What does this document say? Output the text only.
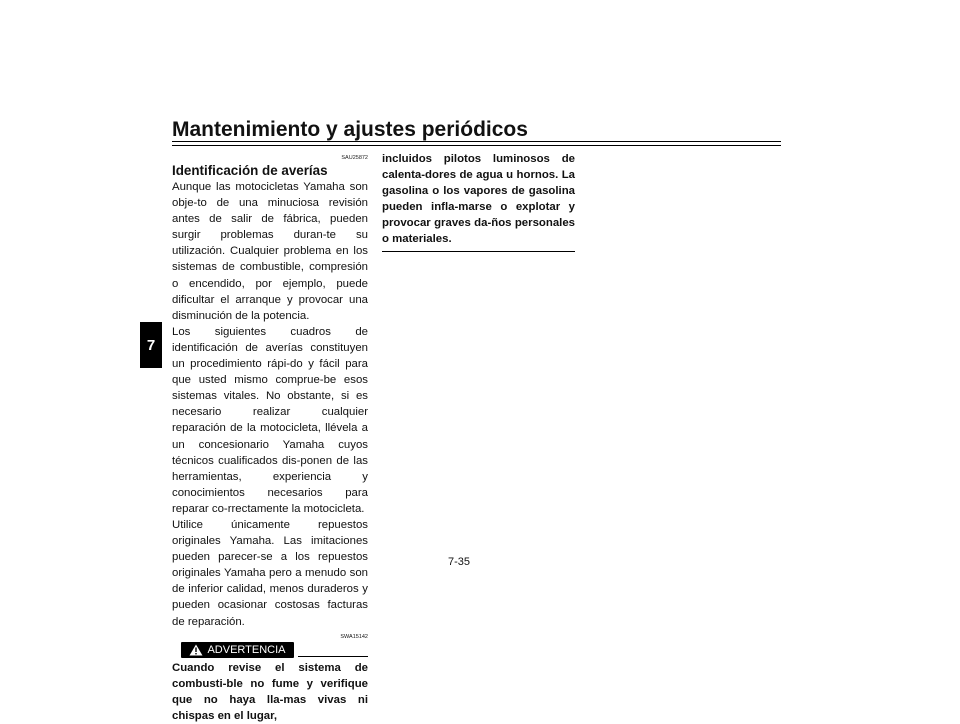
Mantenimiento y ajustes periódicos
7
SAU25872
Identificación de averías

Aunque las motocicletas Yamaha son obje-to de una minuciosa revisión antes de salir de fábrica, pueden surgir problemas duran-te su utilización. Cualquier problema en los sistemas de combustible, compresión o encendido, por ejemplo, puede dificultar el arranque y provocar una disminución de la potencia.

Los siguientes cuadros de identificación de averías constituyen un procedimiento rápi-do y fácil para que usted mismo comprue-be esos sistemas vitales. No obstante, si es necesario realizar cualquier reparación de la motocicleta, llévela a un concesionario Yamaha cuyos técnicos cualificados dis-ponen de las herramientas, experiencia y conocimientos necesarios para reparar co-rrectamente la motocicleta.

Utilice únicamente repuestos originales Yamaha. Las imitaciones pueden parecer-se a los repuestos originales Yamaha pero a menudo son de inferior calidad, menos duraderos y pueden ocasionar costosas facturas de reparación.

SWA15142
ADVERTENCIA

Cuando revise el sistema de combusti-ble no fume y verifique que no haya lla-mas vivas ni chispas en el lugar,

incluidos pilotos luminosos de calenta-dores de agua u hornos. La gasolina o los vapores de gasolina pueden infla-marse o explotar y provocar graves da-ños personales o materiales.

7-35
